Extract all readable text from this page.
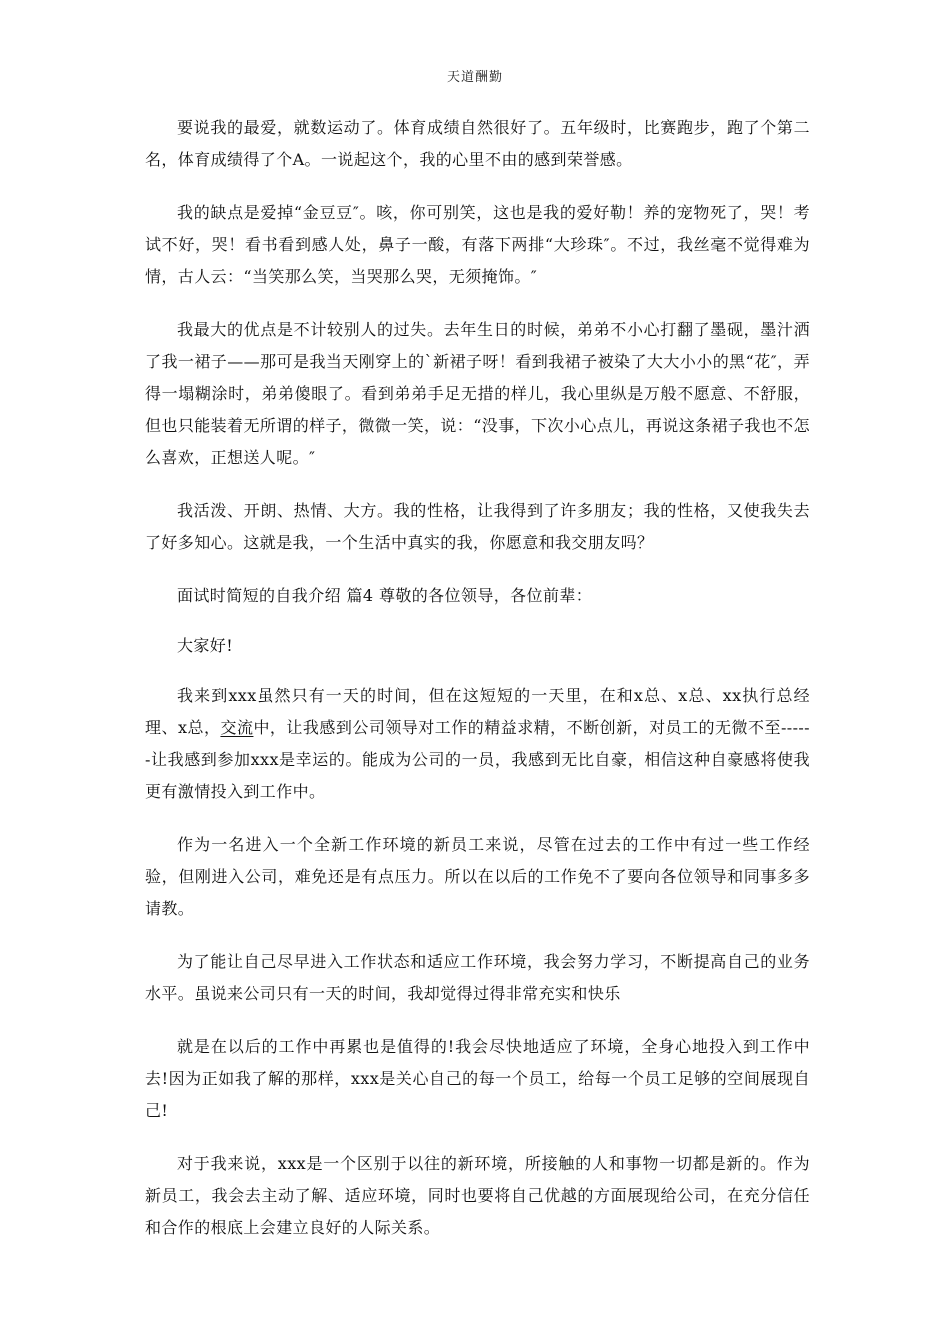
天道酬勤

要说我的最爱，就数运动了。体育成绩自然很好了。五年级时，比赛跑步，跑了个第二名，体育成绩得了个A。一说起这个，我的心里不由的感到荣誉感。

我的缺点是爱掉“金豆豆″。咳，你可别笑，这也是我的爱好勒！养的宠物死了，哭！考试不好，哭！看书看到感人处，鼻子一酸，有落下两排“大珍珠″。不过，我丝毫不觉得难为情，古人云：“当笑那么笑，当哭那么哭，无须掩饰。″

我最大的优点是不计较别人的过失。去年生日的时候，弟弟不小心打翻了墨砚，墨汁洒了我一裙子——那可是我当天刚穿上的`新裙子呀！看到我裙子被染了大大小小的黑“花″，弄得一塌糊涂时，弟弟傻眼了。看到弟弟手足无措的样儿，我心里纵是万般不愿意、不舒服，但也只能装着无所谓的样子，微微一笑，说：“没事，下次小心点儿，再说这条裙子我也不怎么喜欢，正想送人呢。″

我活泼、开朗、热情、大方。我的性格，让我得到了许多朋友；我的性格，又使我失去了好多知心。这就是我，一个生活中真实的我，你愿意和我交朋友吗？

面试时简短的自我介绍 篇4 尊敬的各位领导，各位前辈：

大家好!

我来到xxx虽然只有一天的时间，但在这短短的一天里，在和x总、x总、xx执行总经理、x总，交流中，让我感到公司领导对工作的精益求精，不断创新，对员工的无微不至------让我感到参加xxx是幸运的。能成为公司的一员，我感到无比自豪，相信这种自豪感将使我更有激情投入到工作中。

作为一名进入一个全新工作环境的新员工来说，尽管在过去的工作中有过一些工作经验，但刚进入公司，难免还是有点压力。所以在以后的工作免不了要向各位领导和同事多多请教。

为了能让自己尽早进入工作状态和适应工作环境，我会努力学习，不断提高自己的业务水平。虽说来公司只有一天的时间，我却觉得过得非常充实和快乐

就是在以后的工作中再累也是值得的!我会尽快地适应了环境，全身心地投入到工作中去!因为正如我了解的那样，xxx是关心自己的每一个员工，给每一个员工足够的空间展现自己!

对于我来说，xxx是一个区别于以往的新环境，所接触的人和事物一切都是新的。作为新员工，我会去主动了解、适应环境，同时也要将自己优越的方面展现给公司，在充分信任和合作的根底上会建立良好的人际关系。
